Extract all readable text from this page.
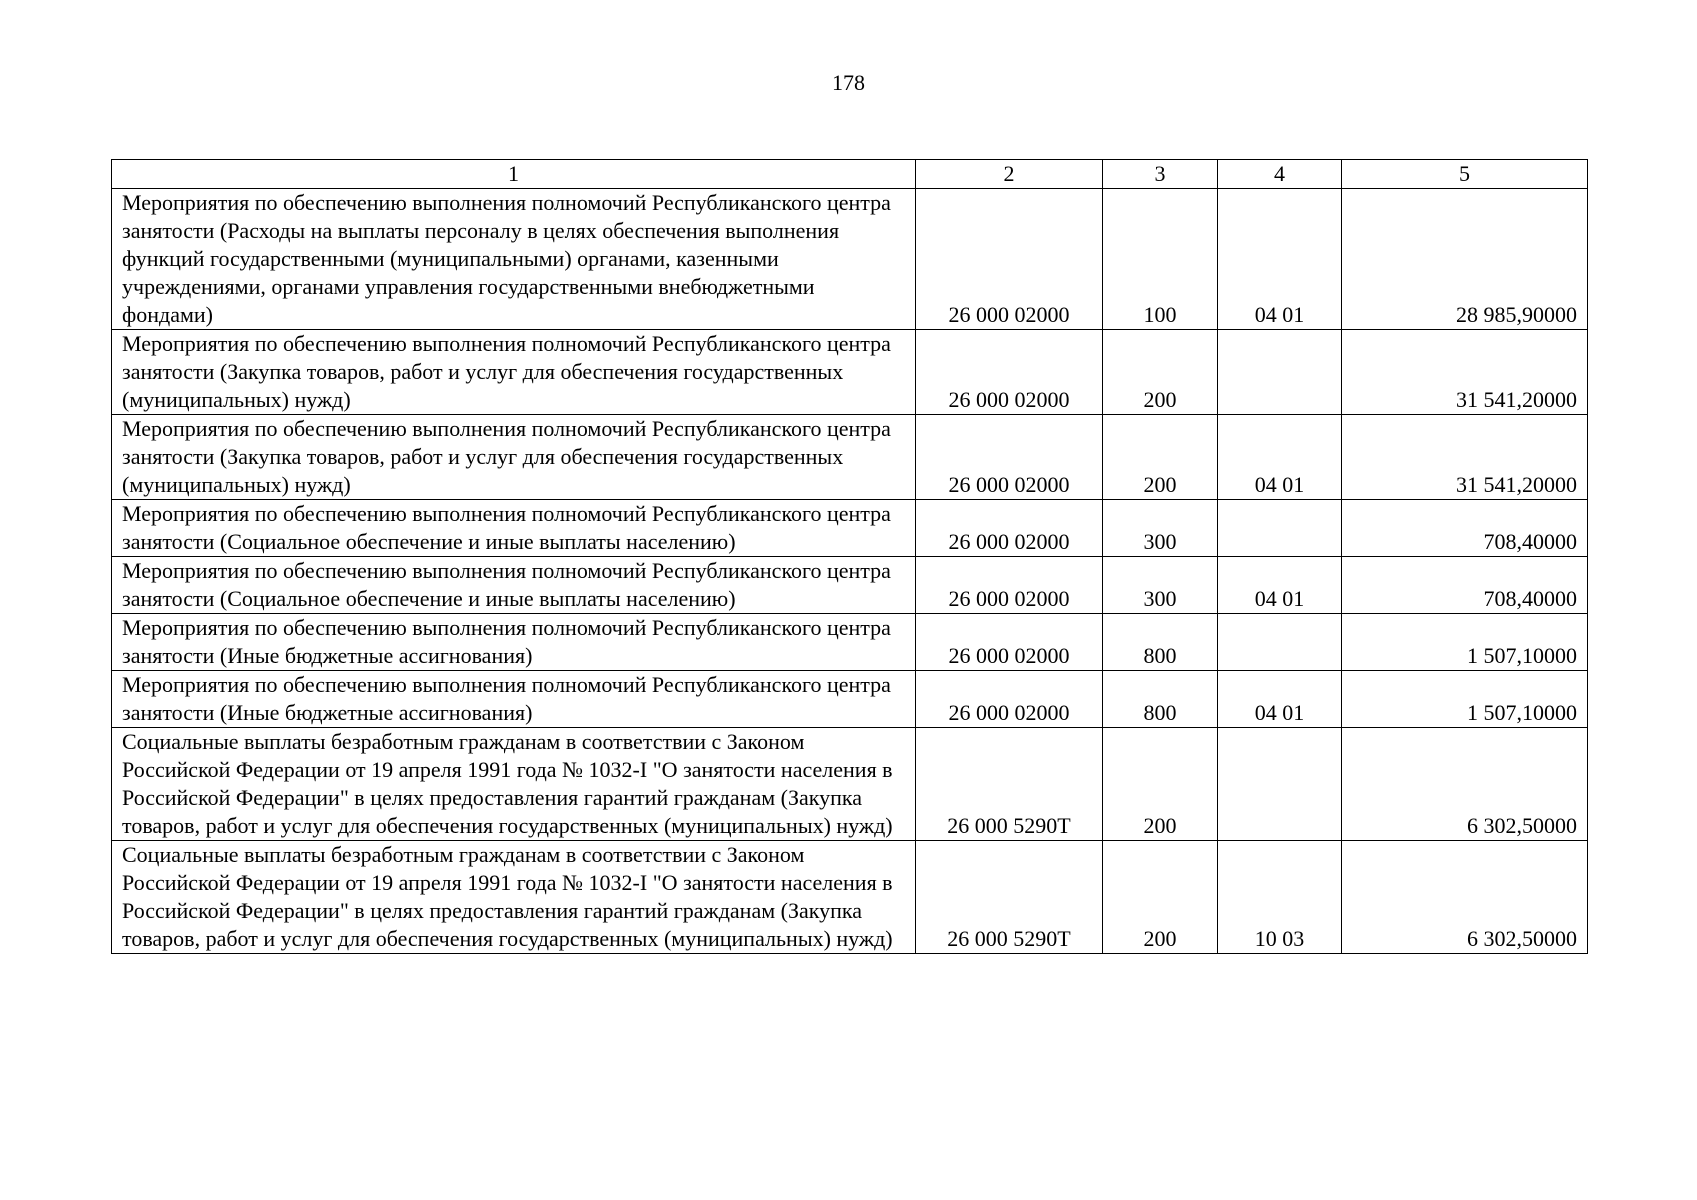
178
1	2	3	4	5
Мероприятия по обеспечению выполнения полномочий Республиканского центра занятости (Расходы на выплаты персоналу в целях обеспечения выполнения функций государственными (муниципальными) органами, казенными учреждениями, органами управления государственными внебюджетными фондами)	26 000 02000	100	04 01	28 985,90000
Мероприятия по обеспечению выполнения полномочий Республиканского центра занятости (Закупка товаров, работ и услуг для обеспечения государственных (муниципальных) нужд)	26 000 02000	200		31 541,20000
Мероприятия по обеспечению выполнения полномочий Республиканского центра занятости (Закупка товаров, работ и услуг для обеспечения государственных (муниципальных) нужд)	26 000 02000	200	04 01	31 541,20000
Мероприятия по обеспечению выполнения полномочий Республиканского центра занятости (Социальное обеспечение и иные выплаты населению)	26 000 02000	300		708,40000
Мероприятия по обеспечению выполнения полномочий Республиканского центра занятости (Социальное обеспечение и иные выплаты населению)	26 000 02000	300	04 01	708,40000
Мероприятия по обеспечению выполнения полномочий Республиканского центра занятости (Иные бюджетные ассигнования)	26 000 02000	800		1 507,10000
Мероприятия по обеспечению выполнения полномочий Республиканского центра занятости (Иные бюджетные ассигнования)	26 000 02000	800	04 01	1 507,10000
Социальные выплаты безработным гражданам в соответствии с Законом Российской Федерации от 19 апреля 1991 года № 1032-I "О занятости населения в Российской Федерации" в целях предоставления гарантий гражданам (Закупка товаров, работ и услуг для обеспечения государственных (муниципальных) нужд)	26 000 5290Т	200		6 302,50000
Социальные выплаты безработным гражданам в соответствии с Законом Российской Федерации от 19 апреля 1991 года № 1032-I "О занятости населения в Российской Федерации" в целях предоставления гарантий гражданам (Закупка товаров, работ и услуг для обеспечения государственных (муниципальных) нужд)	26 000 5290Т	200	10 03	6 302,50000
